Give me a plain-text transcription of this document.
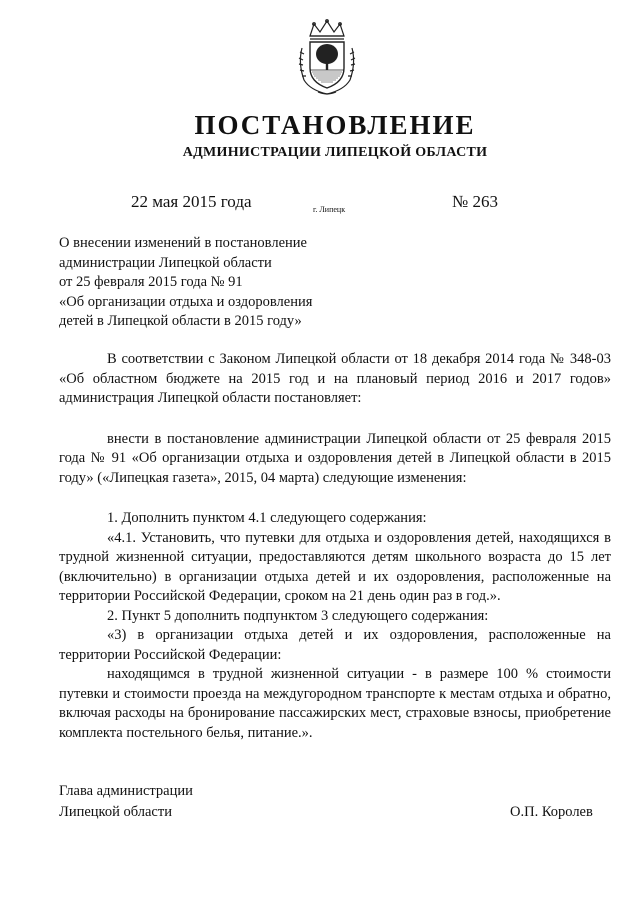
ПОСТАНОВЛЕНИЕ
АДМИНИСТРАЦИИ ЛИПЕЦКОЙ ОБЛАСТИ
22 мая 2015 года	г. Липецк	№ 263
О внесении изменений в постановление
администрации Липецкой области
от 25 февраля 2015 года № 91
«Об организации отдыха и оздоровления
детей в Липецкой области в 2015 году»

В соответствии с Законом Липецкой области от 18 декабря 2014 года № 348-03 «Об областном бюджете на 2015 год и на плановый период 2016 и 2017 годов» администрация Липецкой области постановляет:

внести в постановление администрации Липецкой области от 25 февраля 2015 года № 91 «Об организации отдыха и оздоровления детей в Липецкой области в 2015 году» («Липецкая газета», 2015, 04 марта) следующие изменения:

1. Дополнить пунктом 4.1 следующего содержания:

«4.1. Установить, что путевки для отдыха и оздоровления детей, находящихся в трудной жизненной ситуации, предоставляются детям школьного возраста до 15 лет (включительно) в организации отдыха детей и их оздоровления, расположенные на территории Российской Федерации, сроком на 21 день один раз в год.».

2. Пункт 5 дополнить подпунктом 3 следующего содержания:

«3) в организации отдыха детей и их оздоровления, расположенные на территории Российской Федерации:

находящимся в трудной жизненной ситуации - в размере 100 % стоимости путевки и стоимости проезда на междугородном транспорте к местам отдыха и обратно, включая расходы на бронирование пассажирских мест, страховые взносы, приобретение комплекта постельного белья, питание.».

Глава администрации
Липецкой области	О.П. Королев
